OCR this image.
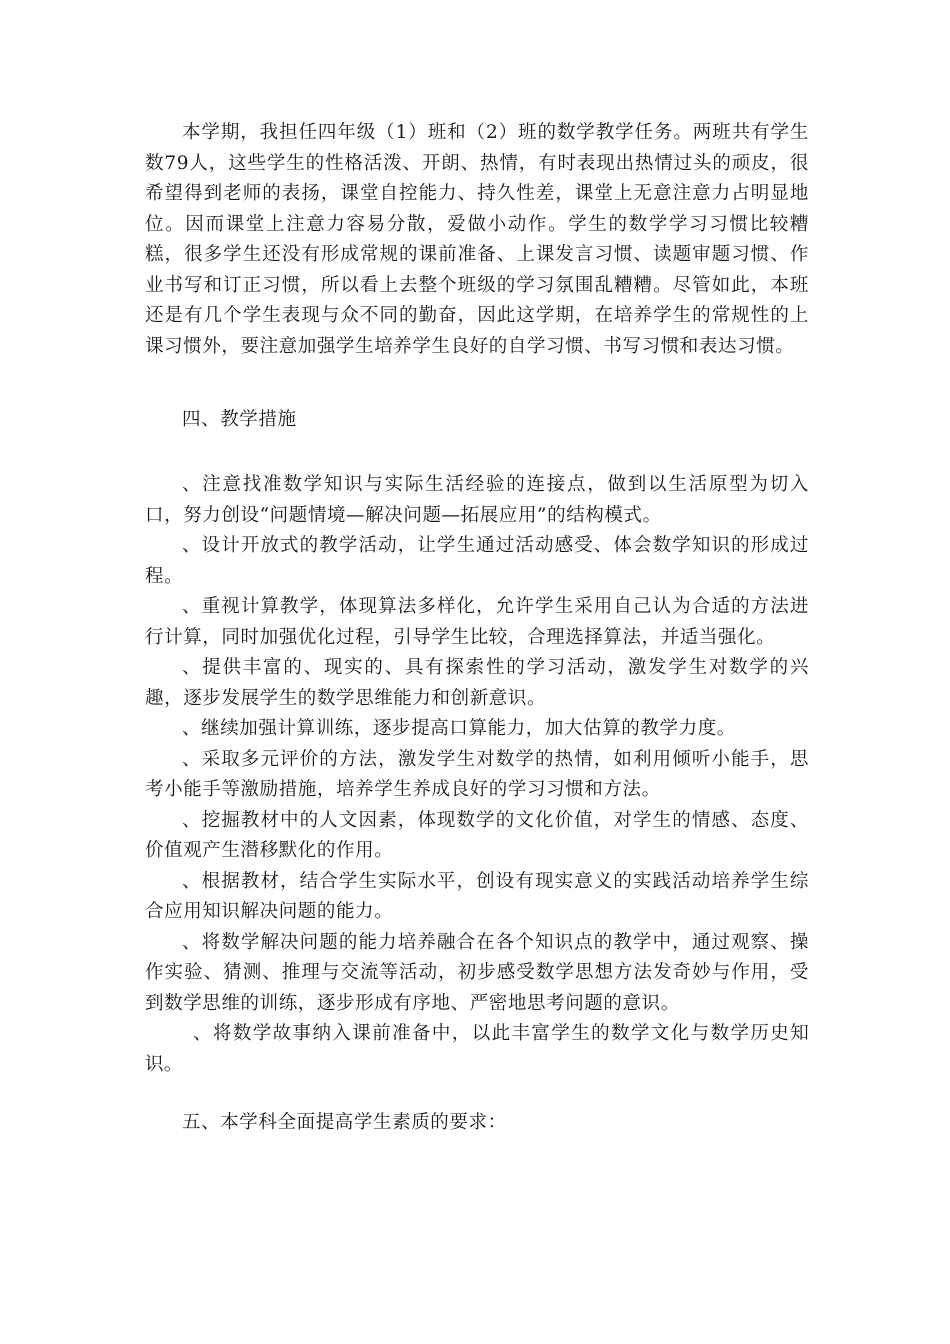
本学期，我担任四年级（1）班和（2）班的数学教学任务。两班共有学生数79人，这些学生的性格活泼、开朗、热情，有时表现出热情过头的顽皮，很希望得到老师的表扬，课堂自控能力、持久性差，课堂上无意注意力占明显地位。因而课堂上注意力容易分散，爱做小动作。学生的数学学习习惯比较糟糕，很多学生还没有形成常规的课前准备、上课发言习惯、读题审题习惯、作业书写和订正习惯，所以看上去整个班级的学习氛围乱糟糟。尽管如此，本班还是有几个学生表现与众不同的勤奋，因此这学期，在培养学生的常规性的上课习惯外，要注意加强学生培养学生良好的自学习惯、书写习惯和表达习惯。

四、教学措施

、注意找准数学知识与实际生活经验的连接点，做到以生活原型为切入口，努力创设“问题情境—解决问题—拓展应用”的结构模式。

、设计开放式的教学活动，让学生通过活动感受、体会数学知识的形成过程。

、重视计算教学，体现算法多样化，允许学生采用自己认为合适的方法进行计算，同时加强优化过程，引导学生比较，合理选择算法，并适当强化。

、提供丰富的、现实的、具有探索性的学习活动，激发学生对数学的兴趣，逐步发展学生的数学思维能力和创新意识。

、继续加强计算训练，逐步提高口算能力，加大估算的教学力度。

、采取多元评价的方法，激发学生对数学的热情，如利用倾听小能手，思考小能手等激励措施，培养学生养成良好的学习习惯和方法。

、挖掘教材中的人文因素，体现数学的文化价值，对学生的情感、态度、价值观产生潜移默化的作用。

、根据教材，结合学生实际水平，创设有现实意义的实践活动培养学生综合应用知识解决问题的能力。

、将数学解决问题的能力培养融合在各个知识点的教学中，通过观察、操作实验、猜测、推理与交流等活动，初步感受数学思想方法发奇妙与作用，受到数学思维的训练，逐步形成有序地、严密地思考问题的意识。

、将数学故事纳入课前准备中，以此丰富学生的数学文化与数学历史知识。

五、本学科全面提高学生素质的要求：
